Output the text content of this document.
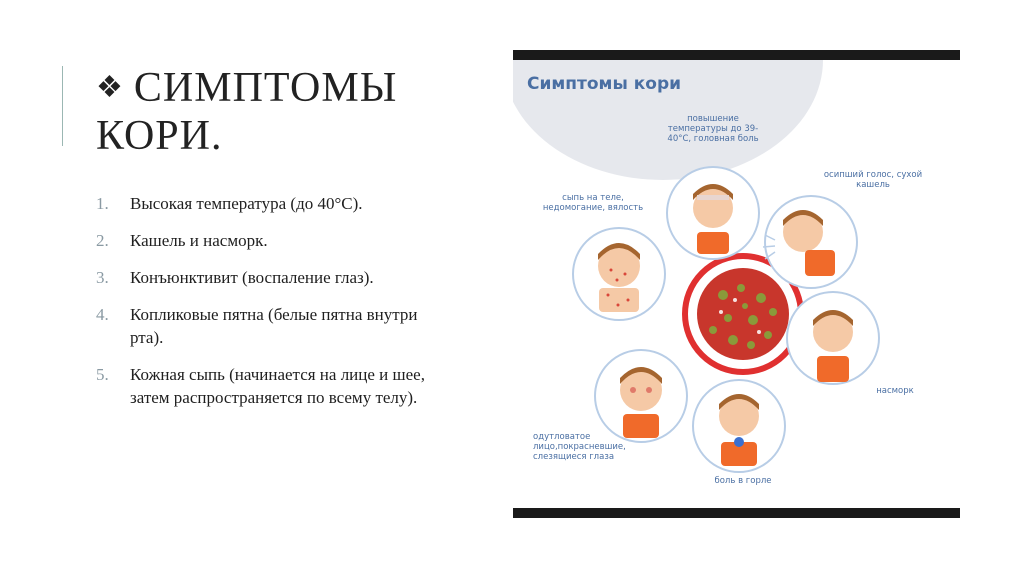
❖ СИМПТОМЫ
КОРИ.
1. Высокая температура (до 40°C).
2. Кашель и насморк.
3. Конъюнктивит (воспаление глаз).
4. Копликовые пятна (белые пятна внутри рта).
5. Кожная сыпь (начинается на лице и шее, затем распространяется по всему телу).
Симптомы кори
повышение температуры до 39-40°C, головная боль
осипший голос, сухой кашель
сыпь на теле, недомогание, вялость
насморк
одутловатое лицо,покрасневшие, слезящиеся глаза
боль в горле
